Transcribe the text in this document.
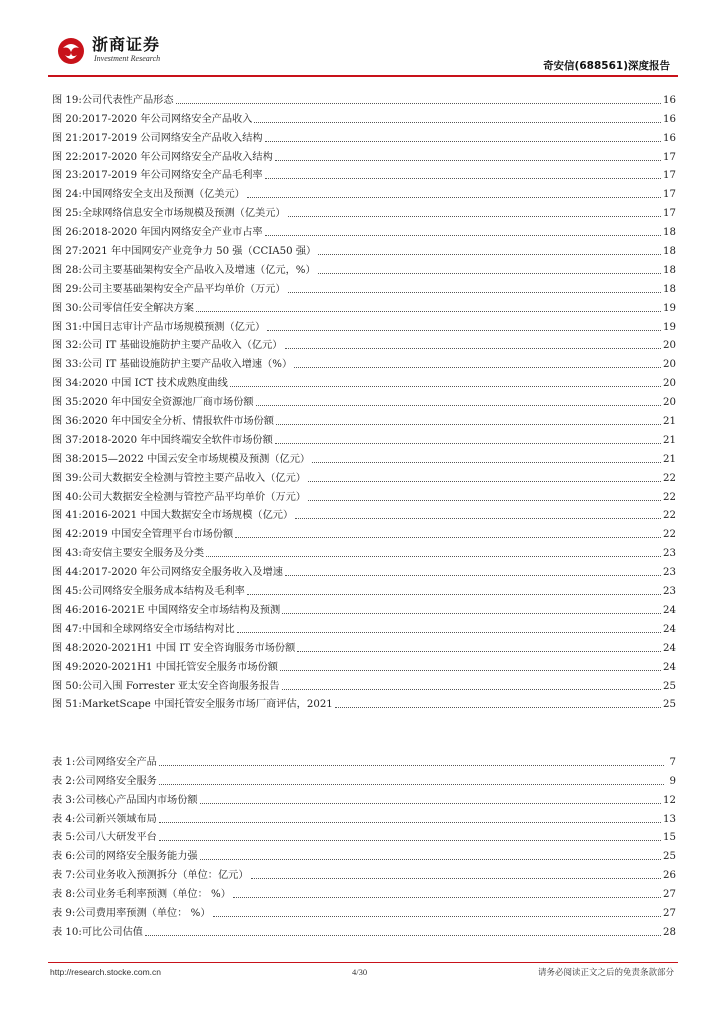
浙商证券
Investment Research
奇安信(688561)深度报告
图 19: 公司代表性产品形态	16
图 20: 2017-2020 年公司网络安全产品收入	16
图 21: 2017-2019 公司网络安全产品收入结构	16
图 22: 2017-2020 年公司网络安全产品收入结构	17
图 23: 2017-2019 年公司网络安全产品毛利率	17
图 24: 中国网络安全支出及预测（亿美元）	17
图 25: 全球网络信息安全市场规模及预测（亿美元）	17
图 26: 2018-2020 年国内网络安全产业市占率	18
图 27: 2021 年中国网安产业竞争力 50 强（CCIA50 强）	18
图 28: 公司主要基础架构安全产品收入及增速（亿元，%）	18
图 29: 公司主要基础架构安全产品平均单价（万元）	18
图 30: 公司零信任安全解决方案	19
图 31: 中国日志审计产品市场规模预测（亿元）	19
图 32: 公司 IT 基础设施防护主要产品收入（亿元）	20
图 33: 公司 IT 基础设施防护主要产品收入增速（%）	20
图 34: 2020 中国 ICT 技术成熟度曲线	20
图 35: 2020 年中国安全资源池厂商市场份额	20
图 36: 2020 年中国安全分析、情报软件市场份额	21
图 37: 2018-2020 年中国终端安全软件市场份额	21
图 38: 2015—2022 中国云安全市场规模及预测（亿元）	21
图 39: 公司大数据安全检测与管控主要产品收入（亿元）	22
图 40: 公司大数据安全检测与管控产品平均单价（万元）	22
图 41: 2016-2021 中国大数据安全市场规模（亿元）	22
图 42: 2019 中国安全管理平台市场份额	22
图 43: 奇安信主要安全服务及分类	23
图 44: 2017-2020 年公司网络安全服务收入及增速	23
图 45: 公司网络安全服务成本结构及毛利率	23
图 46: 2016-2021E 中国网络安全市场结构及预测	24
图 47: 中国和全球网络安全市场结构对比	24
图 48: 2020-2021H1 中国 IT 安全咨询服务市场份额	24
图 49: 2020-2021H1 中国托管安全服务市场份额	24
图 50: 公司入围 Forrester 亚太安全咨询服务报告	25
图 51: MarketScape 中国托管安全服务市场厂商评估，2021	25
表 1: 公司网络安全产品	7
表 2: 公司网络安全服务	9
表 3: 公司核心产品国内市场份额	12
表 4: 公司新兴领域布局	13
表 5: 公司八大研发平台	15
表 6: 公司的网络安全服务能力强	25
表 7: 公司业务收入预测拆分（单位：亿元）	26
表 8: 公司业务毛利率预测（单位： %）	27
表 9: 公司费用率预测（单位： %）	27
表 10: 可比公司估值	28
http://research.stocke.com.cn	4/30	请务必阅读正文之后的免责条款部分
